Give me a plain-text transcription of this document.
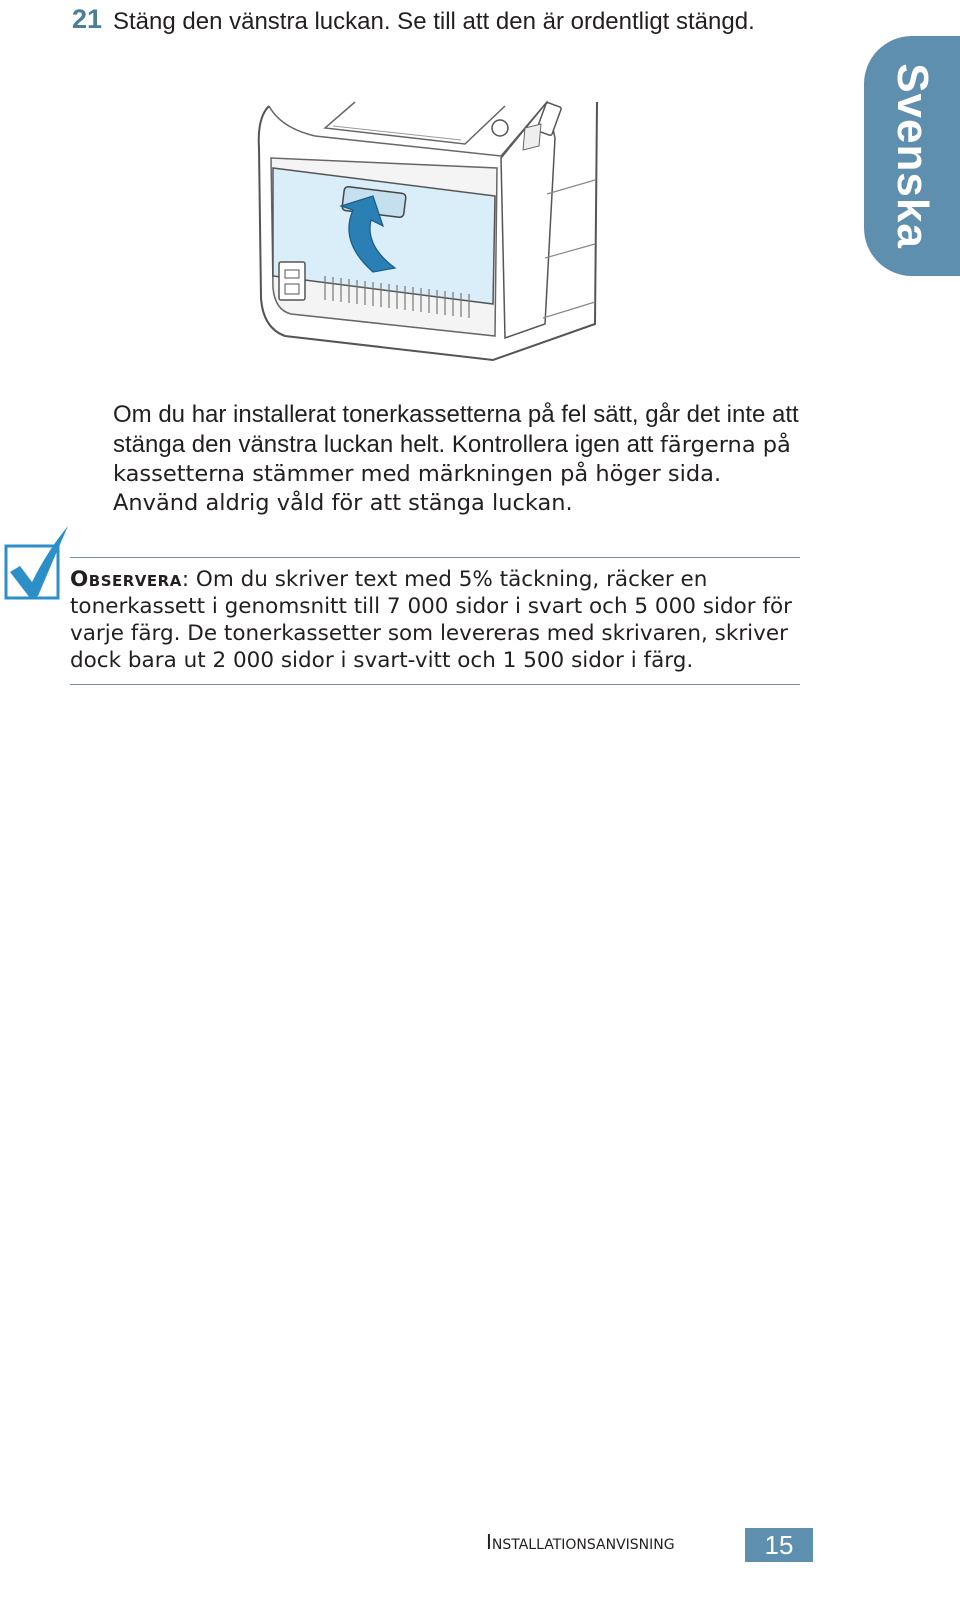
21 Stäng den vänstra luckan. Se till att den är ordentligt stängd.
Svenska
Om du har installerat tonerkassetterna på fel sätt, går det inte att stänga den vänstra luckan helt. Kontrollera igen att färgerna på kassetterna stämmer med märkningen på höger sida. Använd aldrig våld för att stänga luckan.
Observera: Om du skriver text med 5% täckning, räcker en tonerkassett i genomsnitt till 7 000 sidor i svart och 5 000 sidor för varje färg. De tonerkassetter som levereras med skrivaren, skriver dock bara ut 2 000 sidor i svart-vitt och 1 500 sidor i färg.
Installationsanvisning	15
